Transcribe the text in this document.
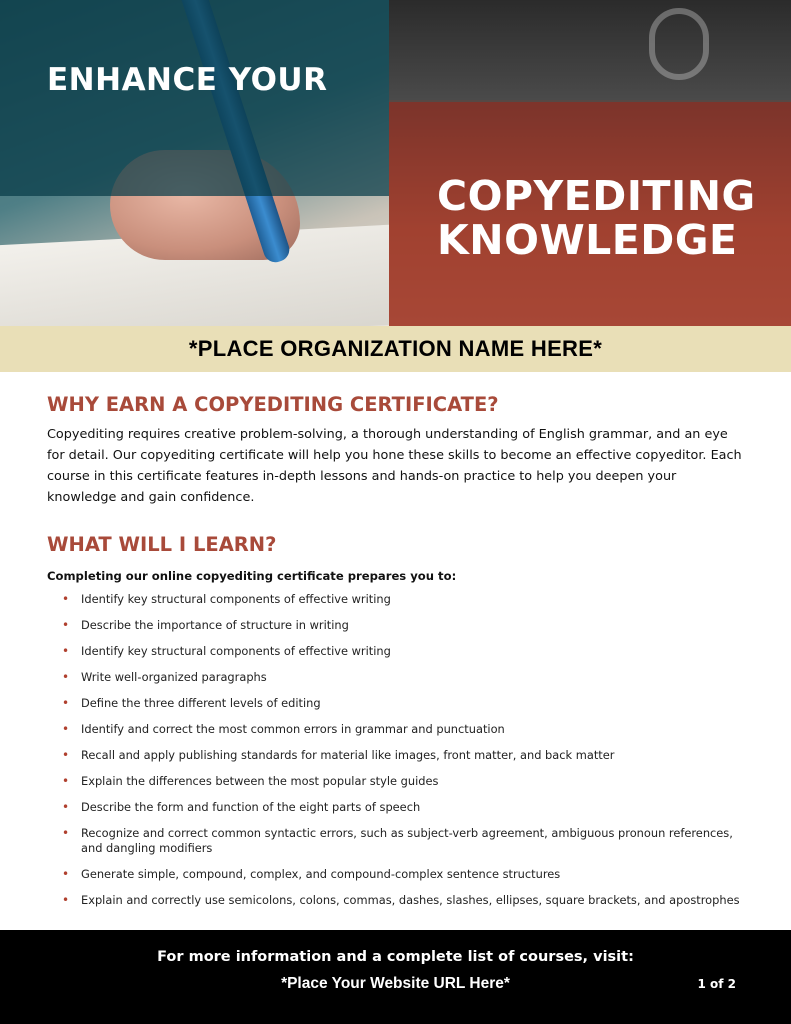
ENHANCE YOUR
COPYEDITING KNOWLEDGE
*PLACE ORGANIZATION NAME HERE*
WHY EARN A COPYEDITING CERTIFICATE?

Copyediting requires creative problem-solving, a thorough understanding of English grammar, and an eye for detail. Our copyediting certificate will help you hone these skills to become an effective copyeditor. Each course in this certificate features in-depth lessons and hands-on practice to help you deepen your knowledge and gain confidence.

WHAT WILL I LEARN?

Completing our online copyediting certificate prepares you to:

• Identify key structural components of effective writing
• Describe the importance of structure in writing
• Identify key structural components of effective writing
• Write well-organized paragraphs
• Define the three different levels of editing
• Identify and correct the most common errors in grammar and punctuation
• Recall and apply publishing standards for material like images, front matter, and back matter
• Explain the differences between the most popular style guides
• Describe the form and function of the eight parts of speech
• Recognize and correct common syntactic errors, such as subject-verb agreement, ambiguous pronoun references, and dangling modifiers
• Generate simple, compound, complex, and compound-complex sentence structures
• Explain and correctly use semicolons, colons, commas, dashes, slashes, ellipses, square brackets, and apostrophes
For more information and a complete list of courses, visit:
*Place Your Website URL Here*	1 of 2
